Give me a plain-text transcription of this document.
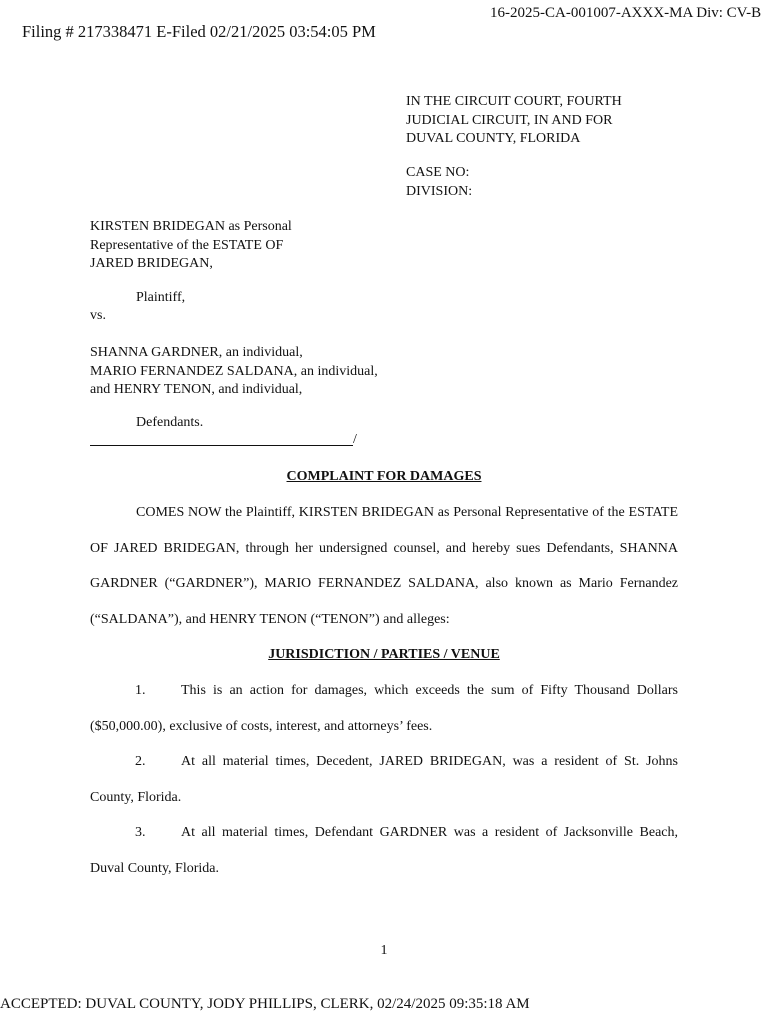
16-2025-CA-001007-AXXX-MA Div: CV-B
Filing # 217338471 E-Filed 02/21/2025 03:54:05 PM
IN THE CIRCUIT COURT, FOURTH
JUDICIAL CIRCUIT, IN AND FOR
DUVAL COUNTY, FLORIDA
CASE NO:
DIVISION:
KIRSTEN BRIDEGAN as Personal
Representative of the ESTATE OF
JARED BRIDEGAN,
Plaintiff,
vs.
SHANNA GARDNER, an individual,
MARIO FERNANDEZ SALDANA, an individual,
and HENRY TENON, and individual,
Defendants.
/
COMPLAINT FOR DAMAGES
COMES NOW the Plaintiff, KIRSTEN BRIDEGAN as Personal Representative of the ESTATE OF JARED BRIDEGAN, through her undersigned counsel, and hereby sues Defendants, SHANNA GARDNER (“GARDNER”), MARIO FERNANDEZ SALDANA, also known as Mario Fernandez (“SALDANA”), and HENRY TENON (“TENON”) and alleges:
JURISDICTION / PARTIES / VENUE
1.	This is an action for damages, which exceeds the sum of Fifty Thousand Dollars ($50,000.00), exclusive of costs, interest, and attorneys’ fees.
2.	At all material times, Decedent, JARED BRIDEGAN, was a resident of St. Johns County, Florida.
3.	At all material times, Defendant GARDNER was a resident of Jacksonville Beach, Duval County, Florida.
1
ACCEPTED: DUVAL COUNTY, JODY PHILLIPS, CLERK, 02/24/2025 09:35:18 AM
